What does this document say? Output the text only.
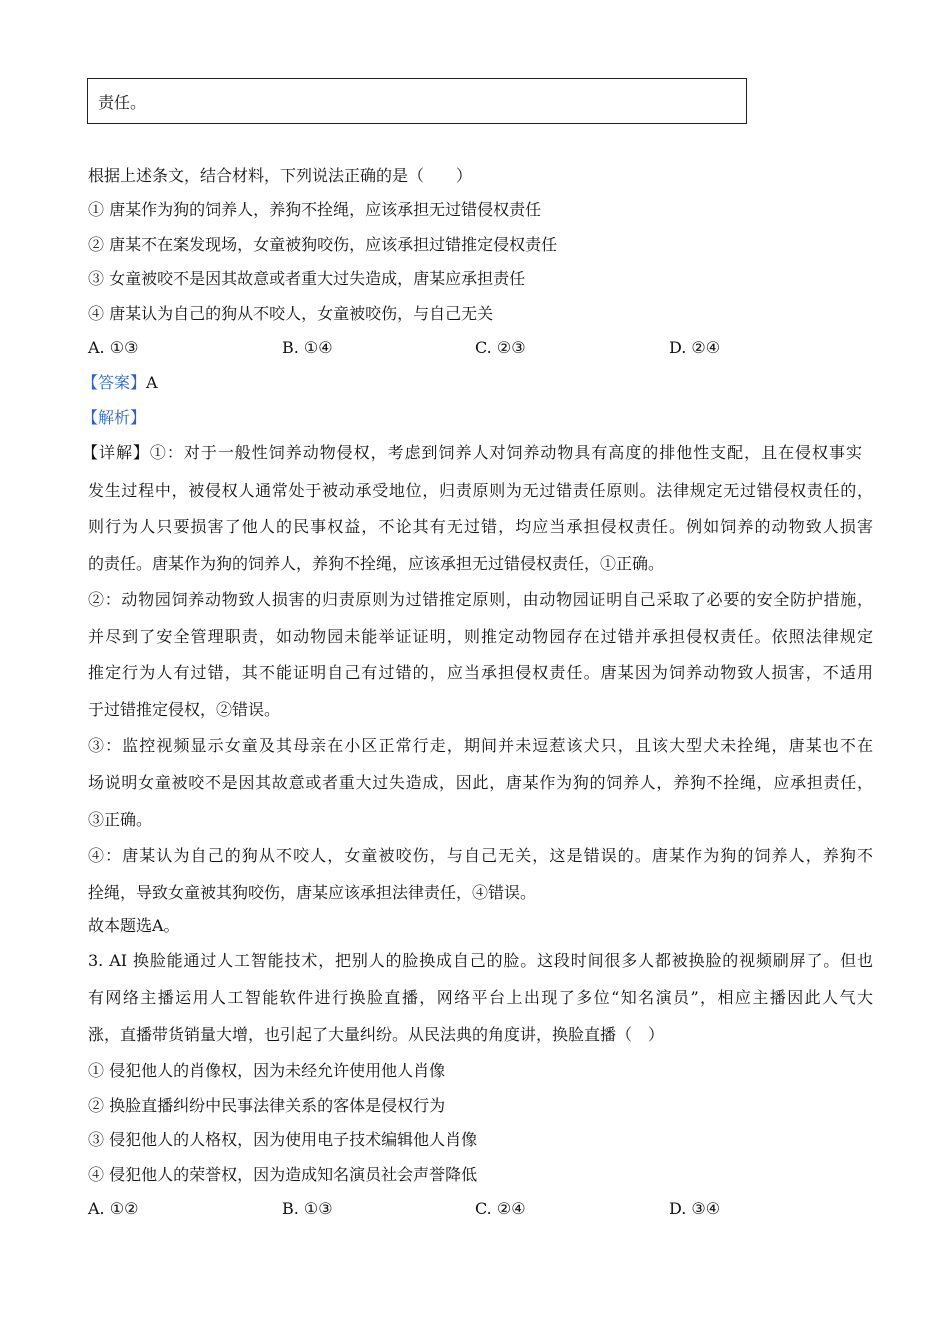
责任。
根据上述条文，结合材料，下列说法正确的是（　　）
① 唐某作为狗的饲养人，养狗不拴绳，应该承担无过错侵权责任
② 唐某不在案发现场，女童被狗咬伤，应该承担过错推定侵权责任
③ 女童被咬不是因其故意或者重大过失造成，唐某应承担责任
④ 唐某认为自己的狗从不咬人，女童被咬伤，与自己无关
A. ①③	B. ①④	C. ②③	D. ②④
【答案】A
【解析】
【详解】①：对于一般性饲养动物侵权，考虑到饲养人对饲养动物具有高度的排他性支配，且在侵权事实
发生过程中，被侵权人通常处于被动承受地位，归责原则为无过错责任原则。法律规定无过错侵权责任的，
则行为人只要损害了他人的民事权益，不论其有无过错，均应当承担侵权责任。例如饲养的动物致人损害
的责任。唐某作为狗的饲养人，养狗不拴绳，应该承担无过错侵权责任，①正确。
②：动物园饲养动物致人损害的归责原则为过错推定原则，由动物园证明自己采取了必要的安全防护措施，
并尽到了安全管理职责，如动物园未能举证证明，则推定动物园存在过错并承担侵权责任。依照法律规定
推定行为人有过错，其不能证明自己有过错的，应当承担侵权责任。唐某因为饲养动物致人损害，不适用
于过错推定侵权，②错误。
③：监控视频显示女童及其母亲在小区正常行走，期间并未逗惹该犬只，且该大型犬未拴绳，唐某也不在
场说明女童被咬不是因其故意或者重大过失造成，因此，唐某作为狗的饲养人，养狗不拴绳，应承担责任，
③正确。
④：唐某认为自己的狗从不咬人，女童被咬伤，与自己无关，这是错误的。唐某作为狗的饲养人，养狗不
拴绳，导致女童被其狗咬伤，唐某应该承担法律责任，④错误。
故本题选A。
3. AI 换脸能通过人工智能技术，把别人的脸换成自己的脸。这段时间很多人都被换脸的视频刷屏了。但也
有网络主播运用人工智能软件进行换脸直播，网络平台上出现了多位“知名演员”，相应主播因此人气大
涨，直播带货销量大增，也引起了大量纠纷。从民法典的角度讲，换脸直播（　）
① 侵犯他人的肖像权，因为未经允许使用他人肖像
② 换脸直播纠纷中民事法律关系的客体是侵权行为
③ 侵犯他人的人格权，因为使用电子技术编辑他人肖像
④ 侵犯他人的荣誉权，因为造成知名演员社会声誉降低
A. ①②	B. ①③	C. ②④	D. ③④
